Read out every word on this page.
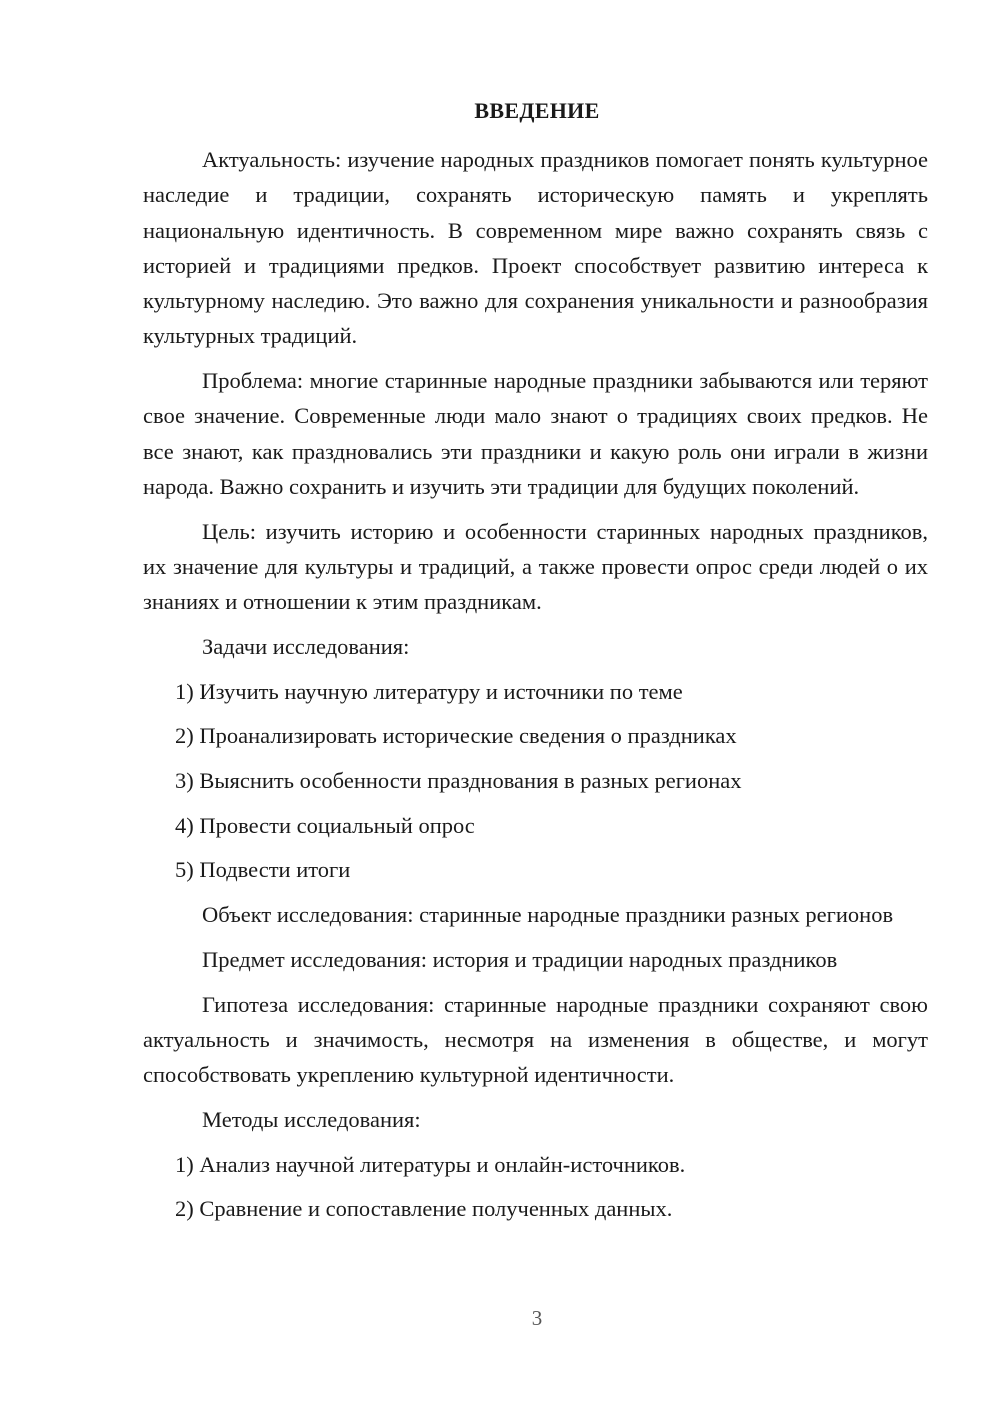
ВВЕДЕНИЕ

Актуальность: изучение народных праздников помогает понять культурное наследие и традиции, сохранять историческую память и укреплять национальную идентичность. В современном мире важно сохранять связь с историей и традициями предков. Проект способствует развитию интереса к культурному наследию. Это важно для сохранения уникальности и разнообразия культурных традиций.

Проблема: многие старинные народные праздники забываются или теряют свое значение. Современные люди мало знают о традициях своих предков. Не все знают, как праздновались эти праздники и какую роль они играли в жизни народа. Важно сохранить и изучить эти традиции для будущих поколений.

Цель: изучить историю и особенности старинных народных праздников, их значение для культуры и традиций, а также провести опрос среди людей о их знаниях и отношении к этим праздникам.

Задачи исследования:

1) Изучить научную литературу и источники по теме
2) Проанализировать исторические сведения о праздниках
3) Выяснить особенности празднования в разных регионах
4) Провести социальный опрос
5) Подвести итоги

Объект исследования: старинные народные праздники разных регионов

Предмет исследования: история и традиции народных праздников

Гипотеза исследования: старинные народные праздники сохраняют свою актуальность и значимость, несмотря на изменения в обществе, и могут способствовать укреплению культурной идентичности.

Методы исследования:

1) Анализ научной литературы и онлайн-источников.
2) Сравнение и сопоставление полученных данных.
3
